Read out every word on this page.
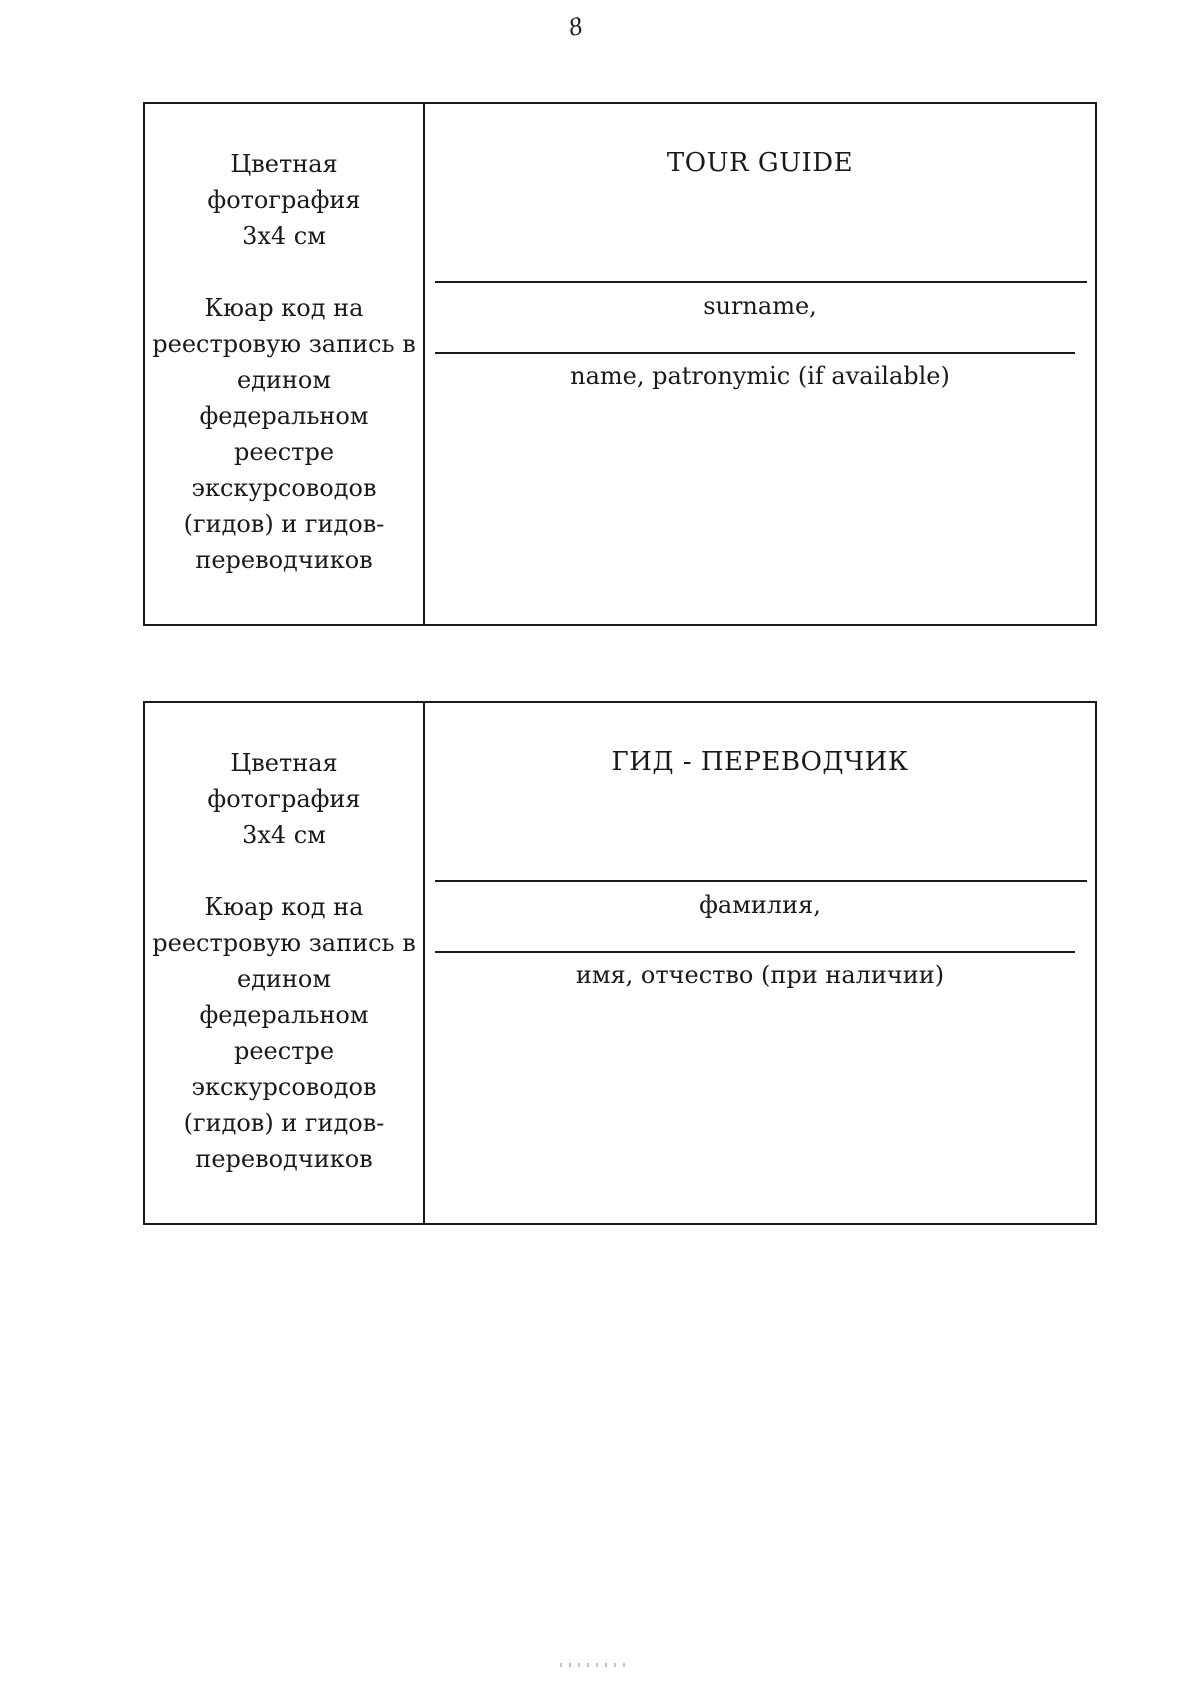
8

Цветная
фотография
3х4 см

Кюар код на реестровую запись в едином федеральном реестре экскурсоводов (гидов) и гидов-переводчиков

TOUR GUIDE
surname,
name, patronymic (if available)

Цветная
фотография
3х4 см

Кюар код на реестровую запись в едином федеральном реестре экскурсоводов (гидов) и гидов-переводчиков

ГИД - ПЕРЕВОДЧИК
фамилия,
имя, отчество (при наличии)
